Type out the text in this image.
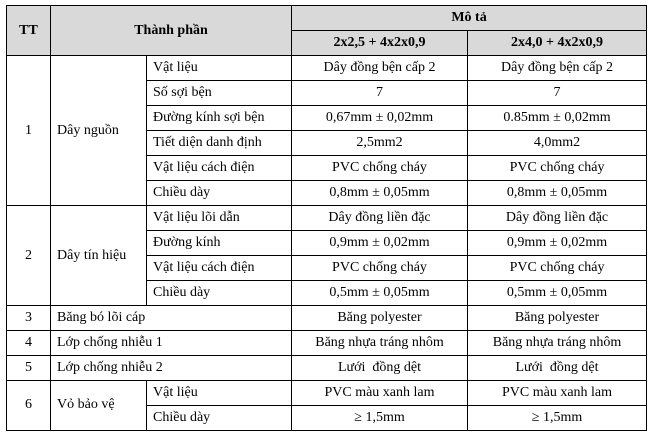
TT	Thành phần		Mô tả	
			2x2,5 + 4x2x0,9	2x4,0 + 4x2x0,9
1	Dây nguồn	Vật liệu	Dây đồng bện cấp 2	Dây đồng bện cấp 2
		Số sợi bện	7	7
		Đường kính sợi bện	0,67mm ± 0,02mm	0.85mm ± 0,02mm
		Tiết diện danh định	2,5mm2	4,0mm2
		Vật liệu cách điện	PVC chống cháy	PVC chống cháy
		Chiều dày	0,8mm ± 0,05mm	0,8mm ± 0,05mm
2	Dây tín hiệu	Vật liệu lõi dẫn	Dây đồng liền đặc	Dây đồng liền đặc
		Đường kính	0,9mm ± 0,02mm	0,9mm ± 0,02mm
		Vật liệu cách điện	PVC chống cháy	PVC chống cháy
		Chiều dày	0,5mm ± 0,05mm	0,5mm ± 0,05mm
3	Băng bó lõi cáp		Băng polyester	Băng polyester
4	Lớp chống nhiễu 1		Băng nhựa tráng nhôm	Băng nhựa tráng nhôm
5	Lớp chống nhiễu 2		Lưới  đồng dệt	Lưới  đồng dệt
6	Vỏ bảo vệ	Vật liệu	PVC màu xanh lam	PVC màu xanh lam
		Chiều dày	≥ 1,5mm	≥ 1,5mm
